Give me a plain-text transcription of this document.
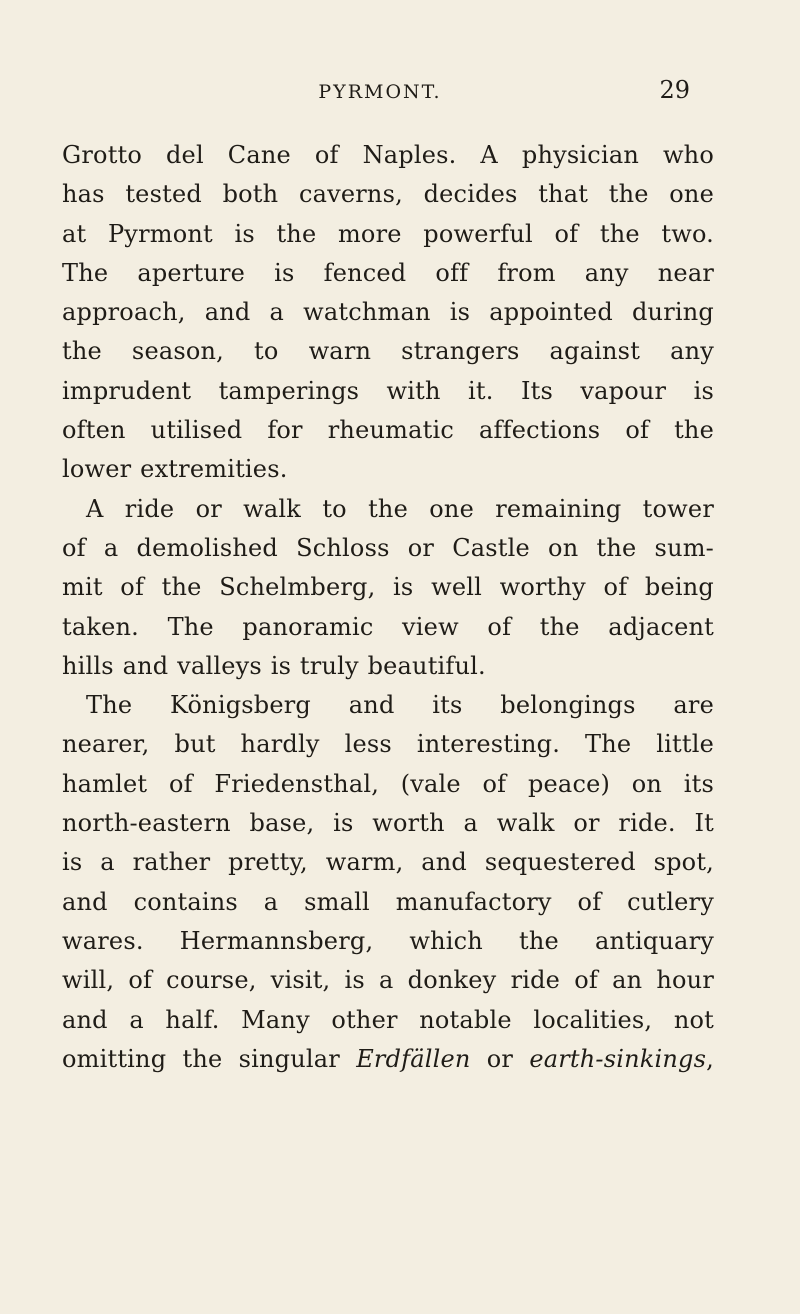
PYRMONT.	29
Grotto del Cane of Naples. A physician who
has tested both caverns, decides that the one
at Pyrmont is the more powerful of the two.
The aperture is fenced off from any near
approach, and a watchman is appointed during
the season, to warn strangers against any
imprudent tamperings with it. Its vapour is
often utilised for rheumatic affections of the
lower extremities.
A ride or walk to the one remaining tower
of a demolished Schloss or Castle on the sum-
mit of the Schelmberg, is well worthy of being
taken. The panoramic view of the adjacent
hills and valleys is truly beautiful.
The Königsberg and its belongings are
nearer, but hardly less interesting. The little
hamlet of Friedensthal, (vale of peace) on its
north-eastern base, is worth a walk or ride. It
is a rather pretty, warm, and sequestered spot,
and contains a small manufactory of cutlery
wares. Hermannsberg, which the antiquary
will, of course, visit, is a donkey ride of an hour
and a half. Many other notable localities, not
omitting the singular Erdfällen or earth-sinkings,
